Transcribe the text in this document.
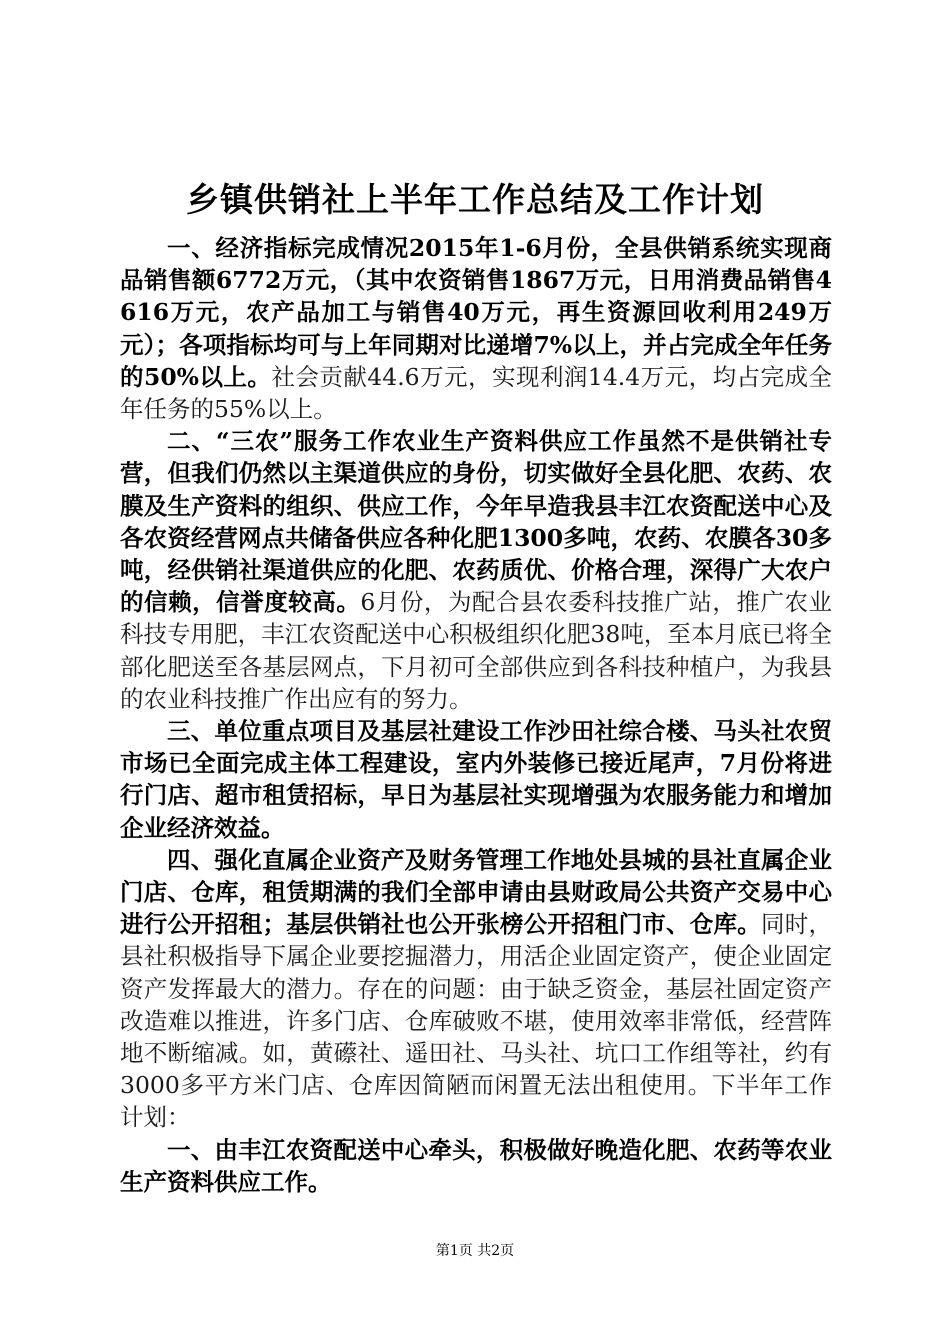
乡镇供销社上半年工作总结及工作计划

一、经济指标完成情况2015年1-6月份，全县供销系统实现商品销售额6772万元，（其中农资销售1867万元，日用消费品销售4616万元，农产品加工与销售40万元，再生资源回收利用249万元）；各项指标均可与上年同期对比递增7%以上，并占完成全年任务的50%以上。社会贡献44.6万元，实现利润14.4万元，均占完成全年任务的55%以上。

二、“三农”服务工作农业生产资料供应工作虽然不是供销社专营，但我们仍然以主渠道供应的身份，切实做好全县化肥、农药、农膜及生产资料的组织、供应工作，今年早造我县丰江农资配送中心及各农资经营网点共储备供应各种化肥1300多吨，农药、农膜各30多吨，经供销社渠道供应的化肥、农药质优、价格合理，深得广大农户的信赖，信誉度较高。6月份，为配合县农委科技推广站，推广农业科技专用肥，丰江农资配送中心积极组织化肥38吨，至本月底已将全部化肥送至各基层网点，下月初可全部供应到各科技种植户，为我县的农业科技推广作出应有的努力。

三、单位重点项目及基层社建设工作沙田社综合楼、马头社农贸市场已全面完成主体工程建设，室内外装修已接近尾声，7月份将进行门店、超市租赁招标，早日为基层社实现增强为农服务能力和增加企业经济效益。

四、强化直属企业资产及财务管理工作地处县城的县社直属企业门店、仓库，租赁期满的我们全部申请由县财政局公共资产交易中心进行公开招租；基层供销社也公开张榜公开招租门市、仓库。同时，县社积极指导下属企业要挖掘潜力，用活企业固定资产，使企业固定资产发挥最大的潜力。存在的问题：由于缺乏资金，基层社固定资产改造难以推进，许多门店、仓库破败不堪，使用效率非常低，经营阵地不断缩减。如，黄礤社、遥田社、马头社、坑口工作组等社，约有3000多平方米门店、仓库因简陋而闲置无法出租使用。下半年工作计划：

一、由丰江农资配送中心牵头，积极做好晚造化肥、农药等农业生产资料供应工作。

第1页 共2页
